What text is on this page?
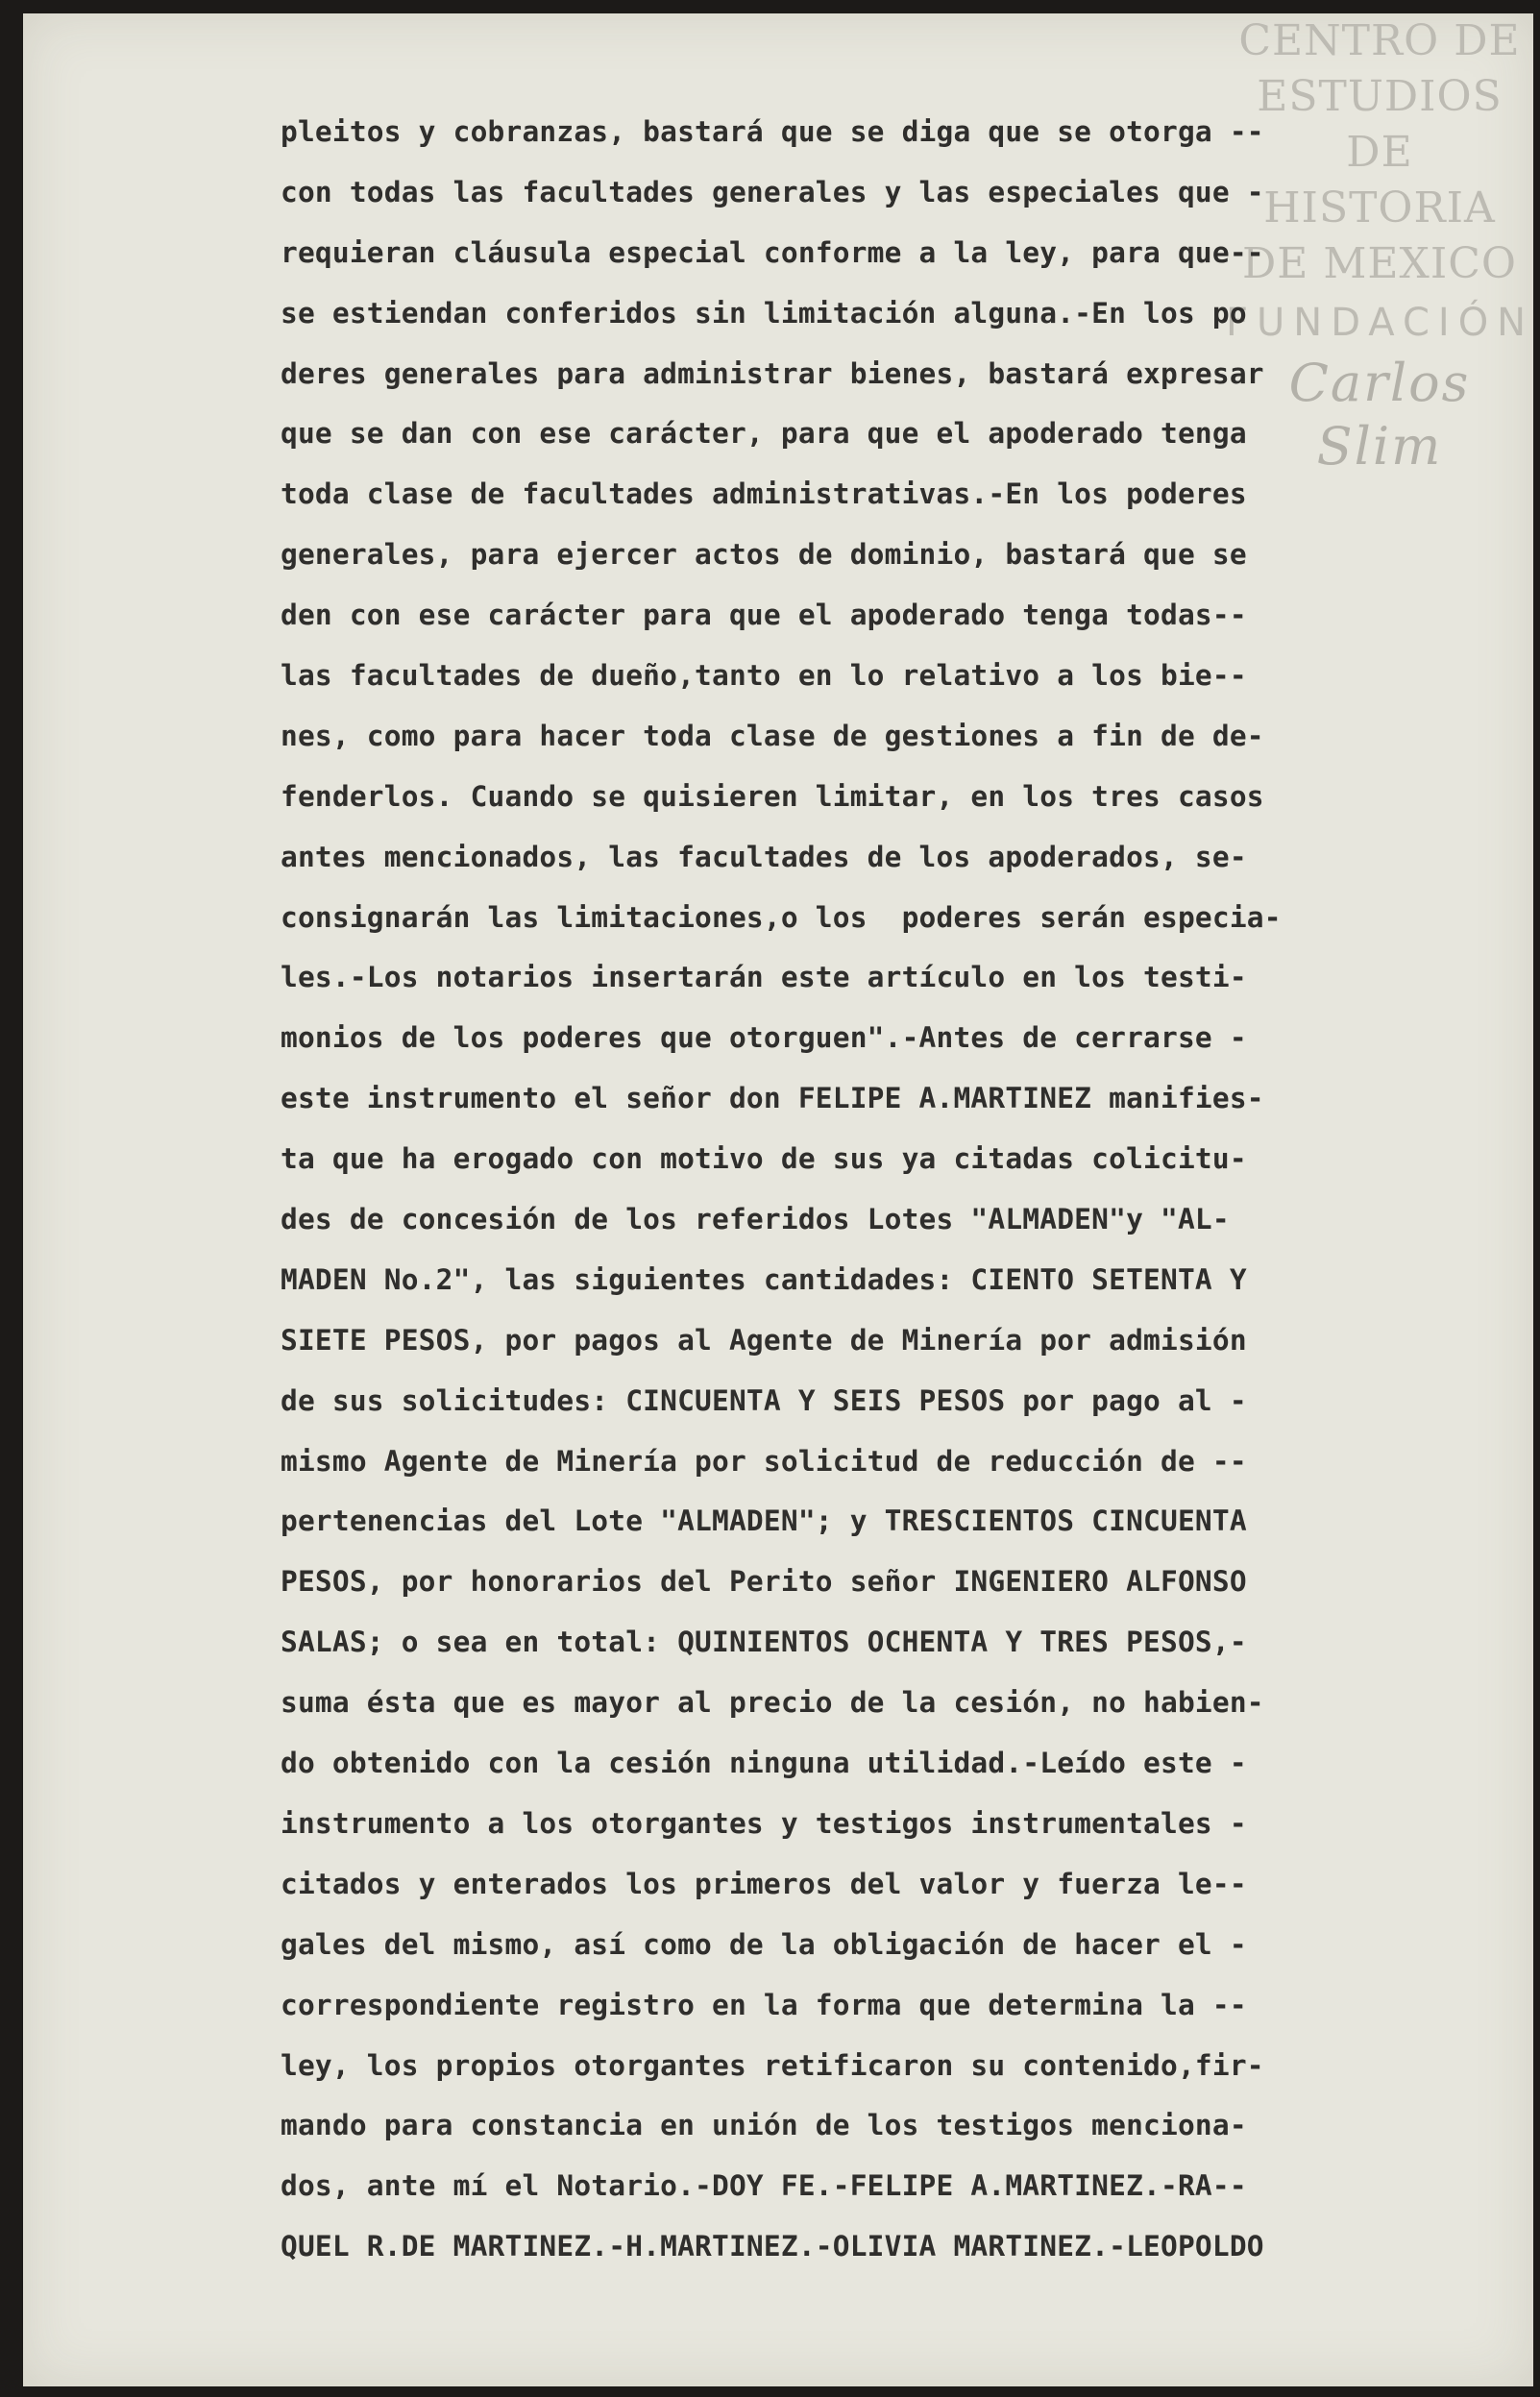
CENTRO DE
ESTUDIOS
DE HISTORIA
DE MEXICO
FUNDACIÓN
Carlos Slim
pleitos y cobranzas, bastará que se diga que se otorga --
con todas las facultades generales y las especiales que -
requieran cláusula especial conforme a la ley, para que--
se estiendan conferidos sin limitación alguna.-En los po
deres generales para administrar bienes, bastará expresar
que se dan con ese carácter, para que el apoderado tenga
toda clase de facultades administrativas.-En los poderes
generales, para ejercer actos de dominio, bastará que se
den con ese carácter para que el apoderado tenga todas--
las facultades de dueño,tanto en lo relativo a los bie--
nes, como para hacer toda clase de gestiones a fin de de-
fenderlos. Cuando se quisieren limitar, en los tres casos
antes mencionados, las facultades de los apoderados, se-
consignarán las limitaciones,o los  poderes serán especia-
les.-Los notarios insertarán este artículo en los testi-
monios de los poderes que otorguen".-Antes de cerrarse -
este instrumento el señor don FELIPE A.MARTINEZ manifies-
ta que ha erogado con motivo de sus ya citadas colicitu-
des de concesión de los referidos Lotes "ALMADEN"y "AL-
MADEN No.2", las siguientes cantidades: CIENTO SETENTA Y
SIETE PESOS, por pagos al Agente de Minería por admisión
de sus solicitudes: CINCUENTA Y SEIS PESOS por pago al -
mismo Agente de Minería por solicitud de reducción de --
pertenencias del Lote "ALMADEN"; y TRESCIENTOS CINCUENTA
PESOS, por honorarios del Perito señor INGENIERO ALFONSO
SALAS; o sea en total: QUINIENTOS OCHENTA Y TRES PESOS,-
suma ésta que es mayor al precio de la cesión, no habien-
do obtenido con la cesión ninguna utilidad.-Leído este -
instrumento a los otorgantes y testigos instrumentales -
citados y enterados los primeros del valor y fuerza le--
gales del mismo, así como de la obligación de hacer el -
correspondiente registro en la forma que determina la --
ley, los propios otorgantes retificaron su contenido,fir-
mando para constancia en unión de los testigos menciona-
dos, ante mí el Notario.-DOY FE.-FELIPE A.MARTINEZ.-RA--
QUEL R.DE MARTINEZ.-H.MARTINEZ.-OLIVIA MARTINEZ.-LEOPOLDO
